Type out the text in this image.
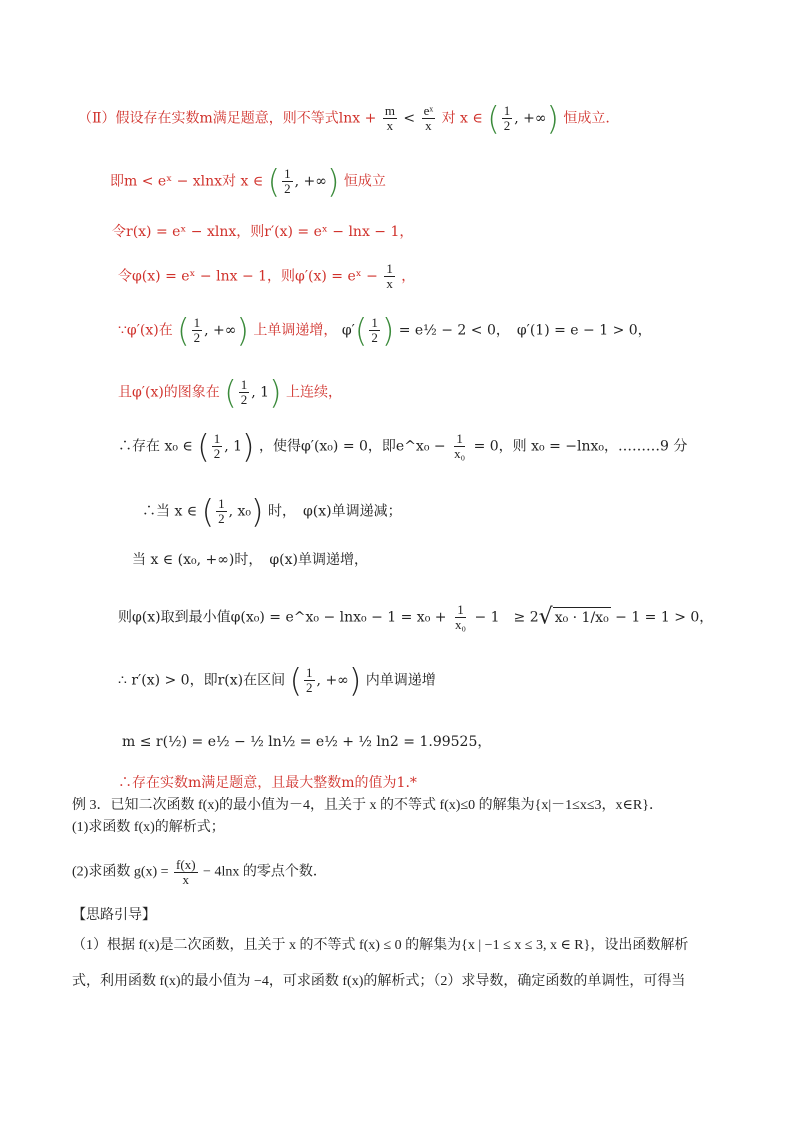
（Ⅱ）假设存在实数m满足题意，则不等式$\ln x + \frac{m}{x} < \frac{\text{eˣ}}{x}$ 对 x ∈ ( $\frac{1}{2}$ , +∞) 恒成立.
即m < eˣ − xlnx对 x ∈ ( $\frac{1}{2}$ , +∞) 恒成立
令r(x) = eˣ − xlnx，则r′(x) = eˣ − lnx − 1，
令φ(x) = eˣ − lnx − 1，则φ′(x) = eˣ − $\frac{1}{x}$ ，
∵φ′(x)在 ( $\frac{1}{2}$ , +∞) 上单调递增， $\varphi'( \frac{1}{2}$ ) = e½ − 2 < 0，　φ′(1) = e − 1 > 0，
且φ′(x)的图象在 ( $\frac{1}{2}$ , 1) 上连续，
∴存在 x₀ ∈ ( $\frac{1}{2}$ , 1) ，使得φ′(x₀) = 0，即e^x₀ − $\frac{1}{\text{x₀}} = 0$，则 x₀ = −lnx₀，………9 分
∴当 x ∈ ( $\frac{1}{2}$ , x₀) 时，　φ(x)单调递减；
当 x ∈ (x₀, +∞)时，　φ(x)单调递增，
则φ(x)取到最小值φ(x₀) = e^x₀ − $\ln x_0 - 1 = x_0 + \frac{1}{\text{x₀}} - 1$　≥ 2√ x₀ · 1/x₀ − 1 = 1 > 0，
∴ r′(x) > 0，即r(x)在区间 ( $\frac{1}{2}$ , +∞) 内单调递增
m ≤ r(½) = e½ − ½ ln½ = e½ + ½ ln2 = 1.99525，
∴存在实数m满足题意，且最大整数m的值为1.*
例 3．已知二次函数 f(x)的最小值为－4，且关于 x 的不等式 f(x)≤0 的解集为{x|－1≤x≤3，x∈R}．
(1)求函数 f(x)的解析式；
(2)求函数 $g(x) = \frac{f(x)}{x} - 4\ln x$ 的零点个数．
【思路引导】
（1）根据 f(x)是二次函数，且关于 x 的不等式 f(x) ≤ 0 的解集为{x | −1 ≤ x ≤ 3, x ∈ R}，设出函数解析
式，利用函数 f(x)的最小值为 −4，可求函数 f(x)的解析式；（2）求导数，确定函数的单调性，可得当
